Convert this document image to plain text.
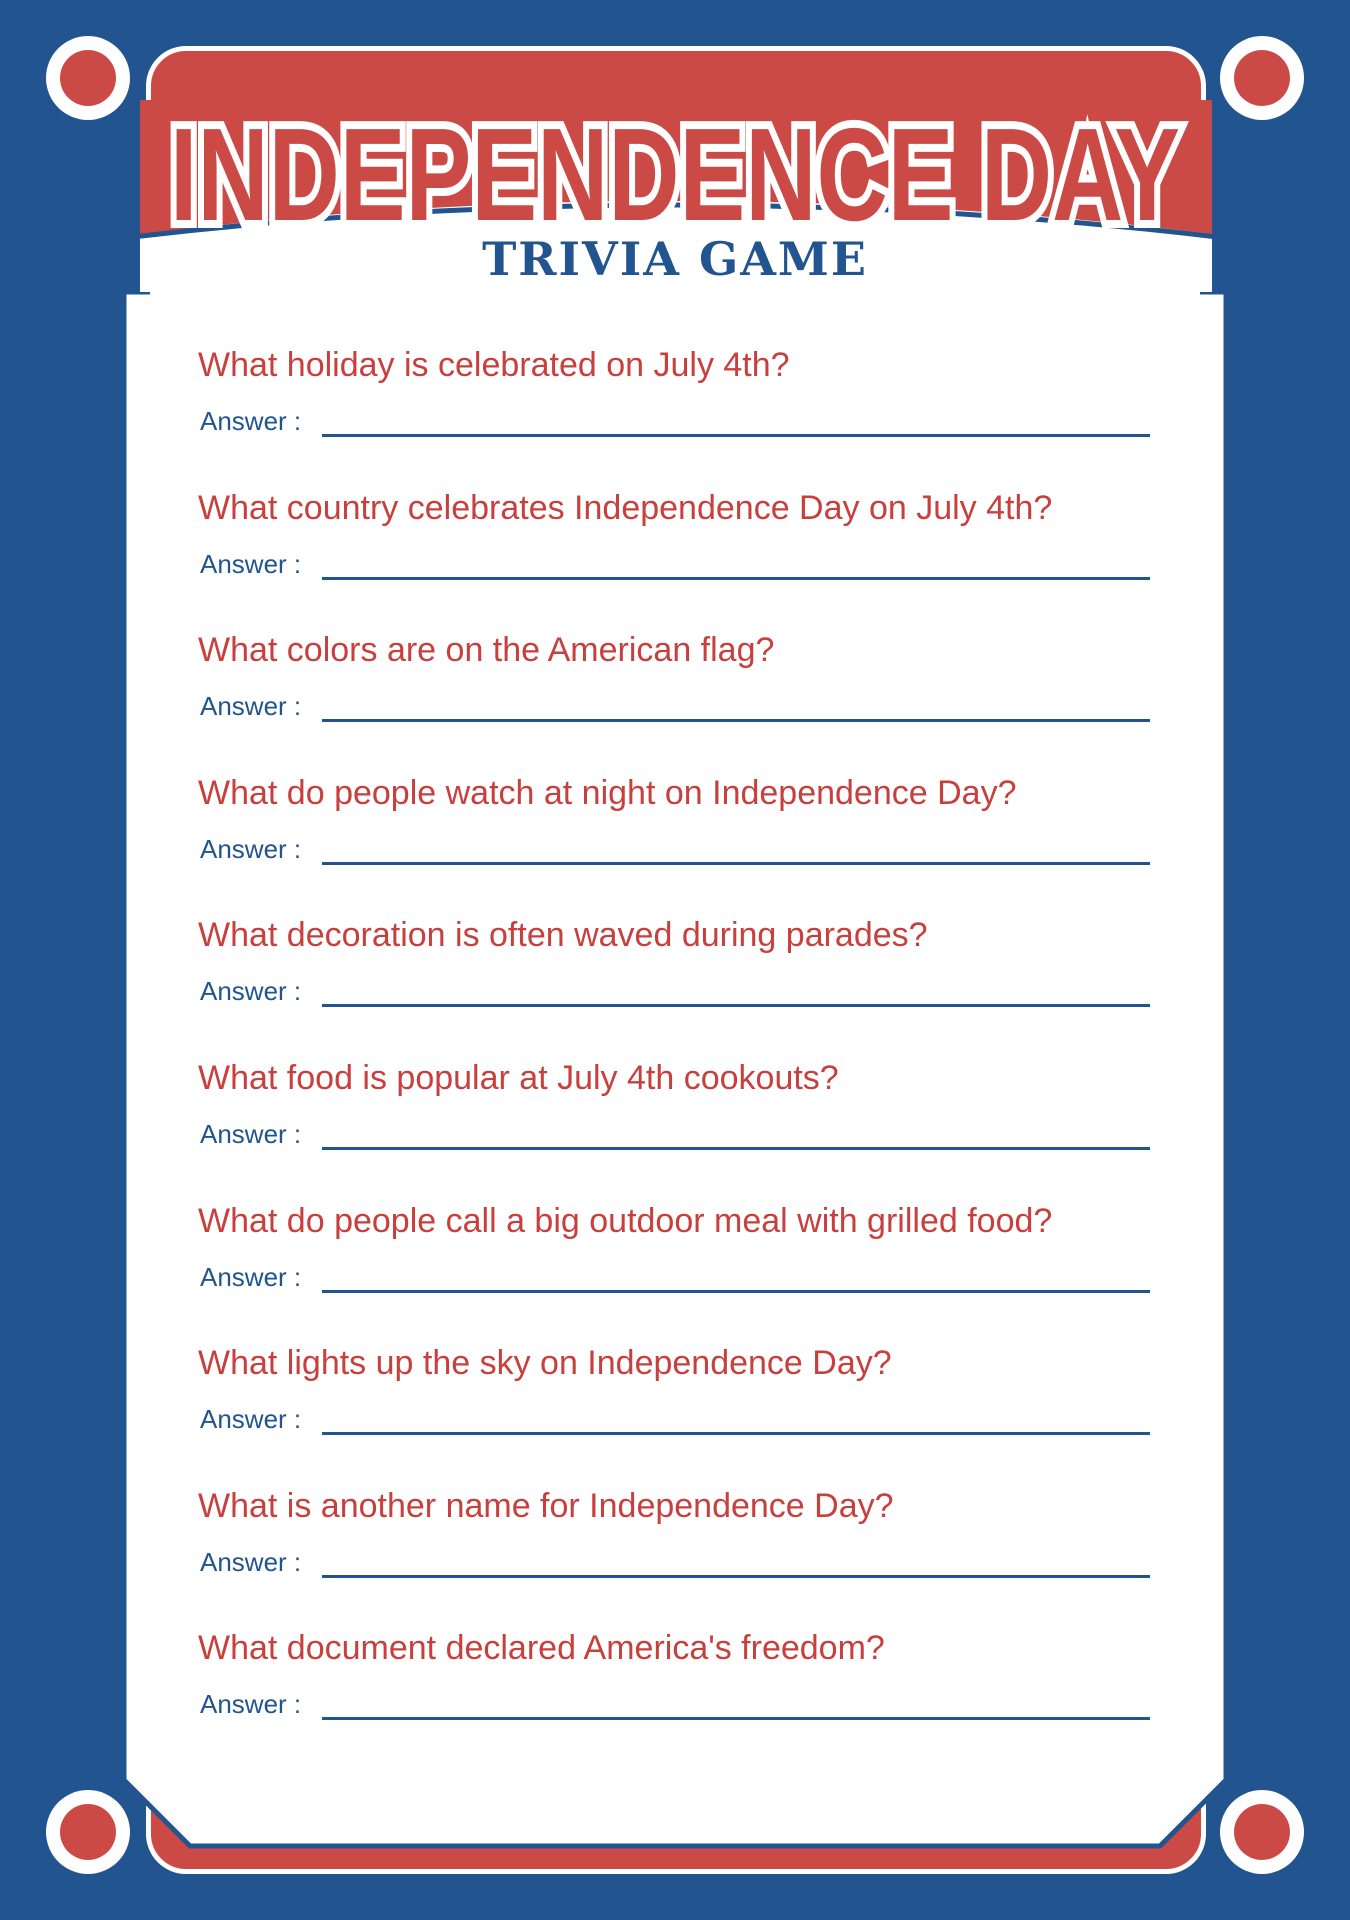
INDEPENDENCE DAY
TRIVIA GAME
What holiday is celebrated on July 4th?
Answer :
What country celebrates Independence Day on July 4th?
Answer :
What colors are on the American flag?
Answer :
What do people watch at night on Independence Day?
Answer :
What decoration is often waved during parades?
Answer :
What food is popular at July 4th cookouts?
Answer :
What do people call a big outdoor meal with grilled food?
Answer :
What lights up the sky on Independence Day?
Answer :
What is another name for Independence Day?
Answer :
What document declared America's freedom?
Answer :
